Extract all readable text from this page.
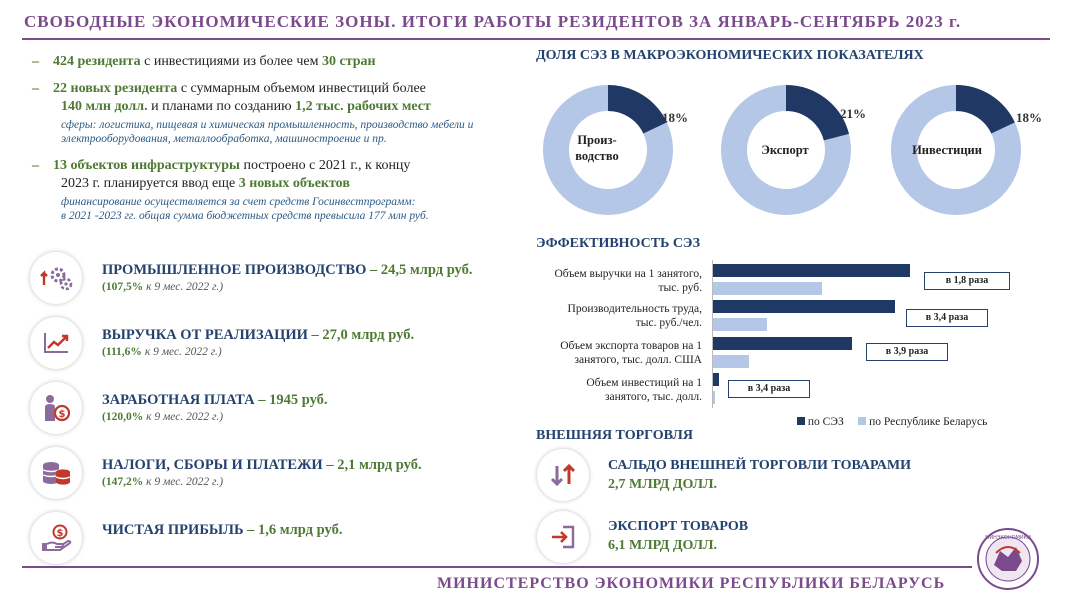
СВОБОДНЫЕ ЭКОНОМИЧЕСКИЕ ЗОНЫ. ИТОГИ РАБОТЫ РЕЗИДЕНТОВ ЗА ЯНВАРЬ-СЕНТЯБРЬ 2023 г.
– 424 резидента с инвестициями из более чем 30 стран
– 22 новых резидента с суммарным объемом инвестиций более
140 млн долл. и планами по созданию 1,2 тыс. рабочих мест
сферы: логистика, пищевая и химическая промышленность, производство мебели и электрооборудования, металлообработка, машиностроение и пр.
– 13 объектов инфраструктуры построено с 2021 г., к концу
2023 г. планируется ввод еще 3 новых объектов
финансирование осуществляется за счет средств Госинвестпрограмм:
в 2021 -2023 гг. общая сумма бюджетных средств превысила 177 млн руб.
ПРОМЫШЛЕННОЕ ПРОИЗВОДСТВО – 24,5 млрд руб.
(107,5% к 9 мес. 2022 г.)
ВЫРУЧКА ОТ РЕАЛИЗАЦИИ – 27,0 млрд руб.
(111,6% к 9 мес. 2022 г.)
$
ЗАРАБОТНАЯ ПЛАТА – 1945 руб.
(120,0% к 9 мес. 2022 г.)
НАЛОГИ, СБОРЫ И ПЛАТЕЖИ – 2,1 млрд руб.
(147,2% к 9 мес. 2022 г.)
$	ЧИСТАЯ ПРИБЫЛЬ – 1,6 млрд руб.
ДОЛЯ СЭЗ В МАКРОЭКОНОМИЧЕСКИХ ПОКАЗАТЕЛЯХ
Произ-
водство
18%
Экспорт
21%
Инвестиции
18%
ЭФФЕКТИВНОСТЬ СЭЗ
Объем выручки на 1 занятого,
тыс. руб.
Производительность труда,
тыс. руб./чел.
Объем экспорта товаров на 1
занятого, тыс. долл. США
Объем инвестиций на 1
занятого, тыс. долл.
в 1,8 раза
в 3,4 раза
в 3,9 раза
в 3,4 раза
по СЭЗ по Республике Беларусь
ВНЕШНЯЯ ТОРГОВЛЯ
САЛЬДО ВНЕШНЕЙ ТОРГОВЛИ ТОВАРАМИ
2,7 МЛРД ДОЛЛ.
ЭКСПОРТ ТОВАРОВ
6,1 МЛРД ДОЛЛ.
МИНИСТЕРСТВО ЭКОНОМИКИ РЕСПУБЛИКИ БЕЛАРУСЬ
МИНЭКОНОМИКИ
